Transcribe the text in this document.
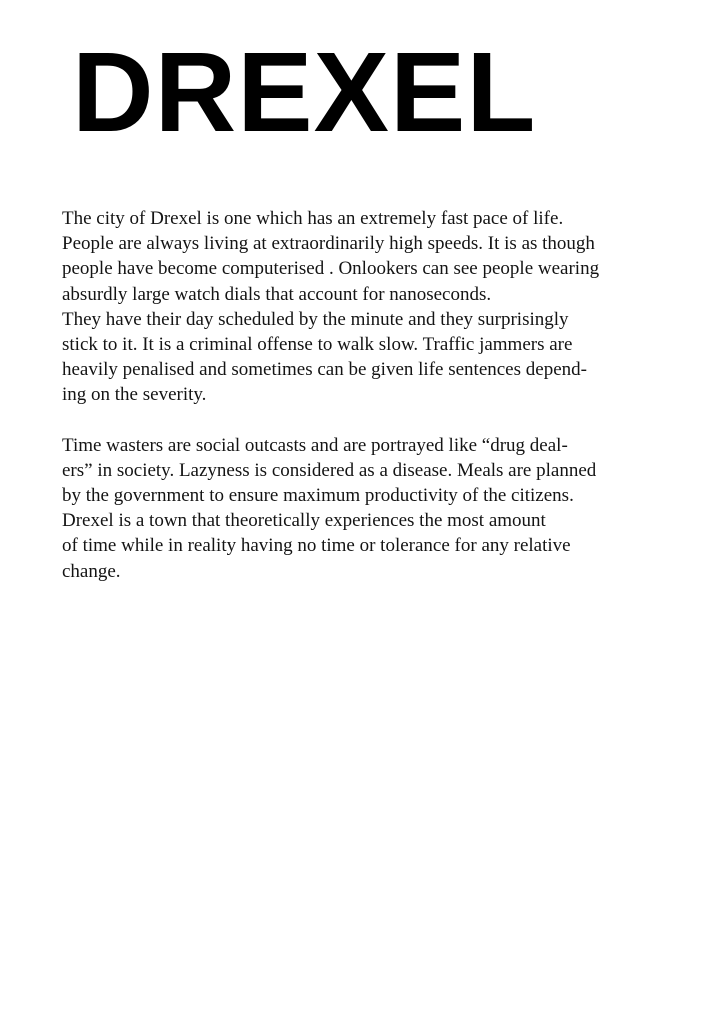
DREXEL
The city of Drexel is one which has an extremely fast pace of life.
People are always living at extraordinarily high speeds. It is as though
people have become computerised . Onlookers can see people wearing
absurdly large watch dials that account for nanoseconds.
They have their day scheduled by the minute and they surprisingly
stick to it. It is a criminal offense to walk slow. Traffic jammers are
heavily penalised and sometimes can be given life sentences depend-
ing on the severity.
Time wasters are social outcasts and are portrayed like “drug deal-
ers” in society. Lazyness is considered as a disease. Meals are planned
by the government to ensure maximum productivity of the citizens.
Drexel is a town that theoretically experiences the most amount
of time while in reality having no time or tolerance for any relative
change.
